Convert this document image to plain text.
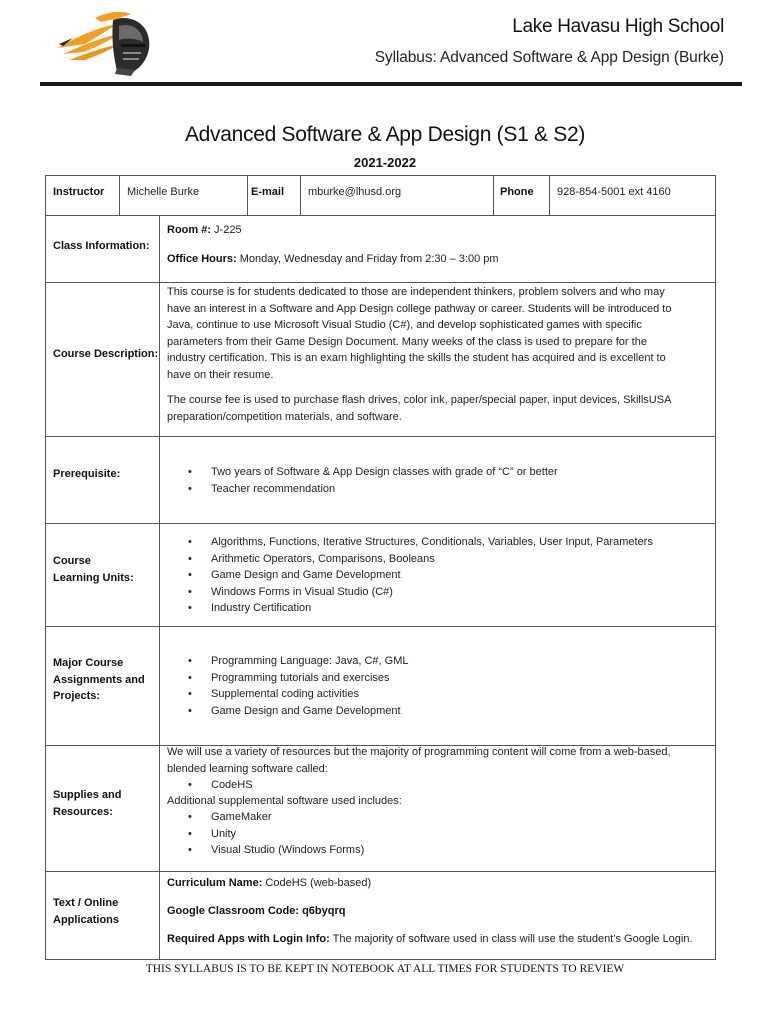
Lake Havasu High School
Syllabus: Advanced Software & App Design (Burke)
Advanced Software & App Design (S1 & S2)
2021-2022
Instructor Michelle Burke	E-mail mburke@lhusd.org	Phone 928-854-5001 ext 4160
Class Information:
Room #: J-225
Office Hours: Monday, Wednesday and Friday from 2:30 – 3:00 pm
Course Description:
This course is for students dedicated to those are independent thinkers, problem solvers and who may
have an interest in a Software and App Design college pathway or career. Students will be introduced to
Java, continue to use Microsoft Visual Studio (C#), and develop sophisticated games with specific
parameters from their Game Design Document. Many weeks of the class is used to prepare for the
industry certification. This is an exam highlighting the skills the student has acquired and is excellent to
have on their resume.
The course fee is used to purchase flash drives, color ink, paper/special paper, input devices, SkillsUSA
preparation/competition materials, and software.
Prerequisite:
•	Two years of Software & App Design classes with grade of “C” or better
• Teacher recommendation
Course
Learning Units:
• Algorithms, Functions, Iterative Structures, Conditionals, Variables, User Input, Parameters
• Arithmetic Operators, Comparisons, Booleans
• Game Design and Game Development
• Windows Forms in Visual Studio (C#)
• Industry Certification
Major Course
Assignments and
Projects:
• Programming Language: Java, C#, GML
• Programming tutorials and exercises
• Supplemental coding activities
• Game Design and Game Development
Supplies and
Resources:
We will use a variety of resources but the majority of programming content will come from a web-based,
blended learning software called:
• CodeHS
Additional supplemental software used includes:
• GameMaker
• Unity
• Visual Studio (Windows Forms)
Text / Online
Applications
Curriculum Name: CodeHS (web-based)
Google Classroom Code: q6byqrq
Required Apps with Login Info: The majority of software used in class will use the student’s Google Login.
THIS SYLLABUS IS TO BE KEPT IN NOTEBOOK AT ALL TIMES FOR STUDENTS TO REVIEW
